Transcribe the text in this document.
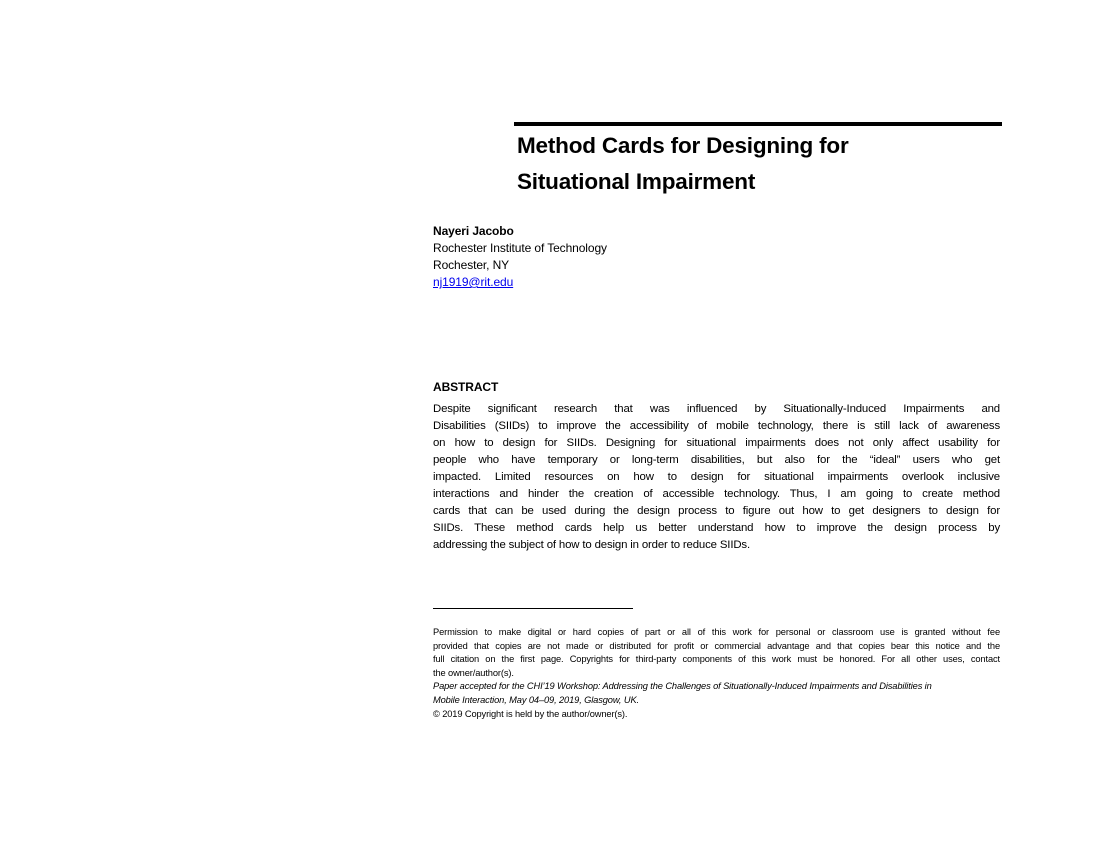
Method Cards for Designing for
Situational Impairment
Nayeri Jacobo
Rochester Institute of Technology
Rochester, NY
nj1919@rit.edu
ABSTRACT
Despite significant research that was influenced by Situationally-Induced Impairments and
Disabilities (SIIDs) to improve the accessibility of mobile technology, there is still lack of awareness
on how to design for SIIDs. Designing for situational impairments does not only affect usability for
people who have temporary or long-term disabilities, but also for the “ideal” users who get
impacted. Limited resources on how to design for situational impairments overlook inclusive
interactions and hinder the creation of accessible technology. Thus, I am going to create method
cards that can be used during the design process to figure out how to get designers to design for
SIIDs. These method cards help us better understand how to improve the design process by
addressing the subject of how to design in order to reduce SIIDs.
Permission to make digital or hard copies of part or all of this work for personal or classroom use is granted without fee
provided that copies are not made or distributed for profit or commercial advantage and that copies bear this notice and the
full citation on the first page. Copyrights for third-party components of this work must be honored. For all other uses, contact
the owner/author(s).
Paper accepted for the CHI’19 Workshop: Addressing the Challenges of Situationally-Induced Impairments and Disabilities in
Mobile Interaction, May 04–09, 2019, Glasgow, UK.
© 2019 Copyright is held by the author/owner(s).
